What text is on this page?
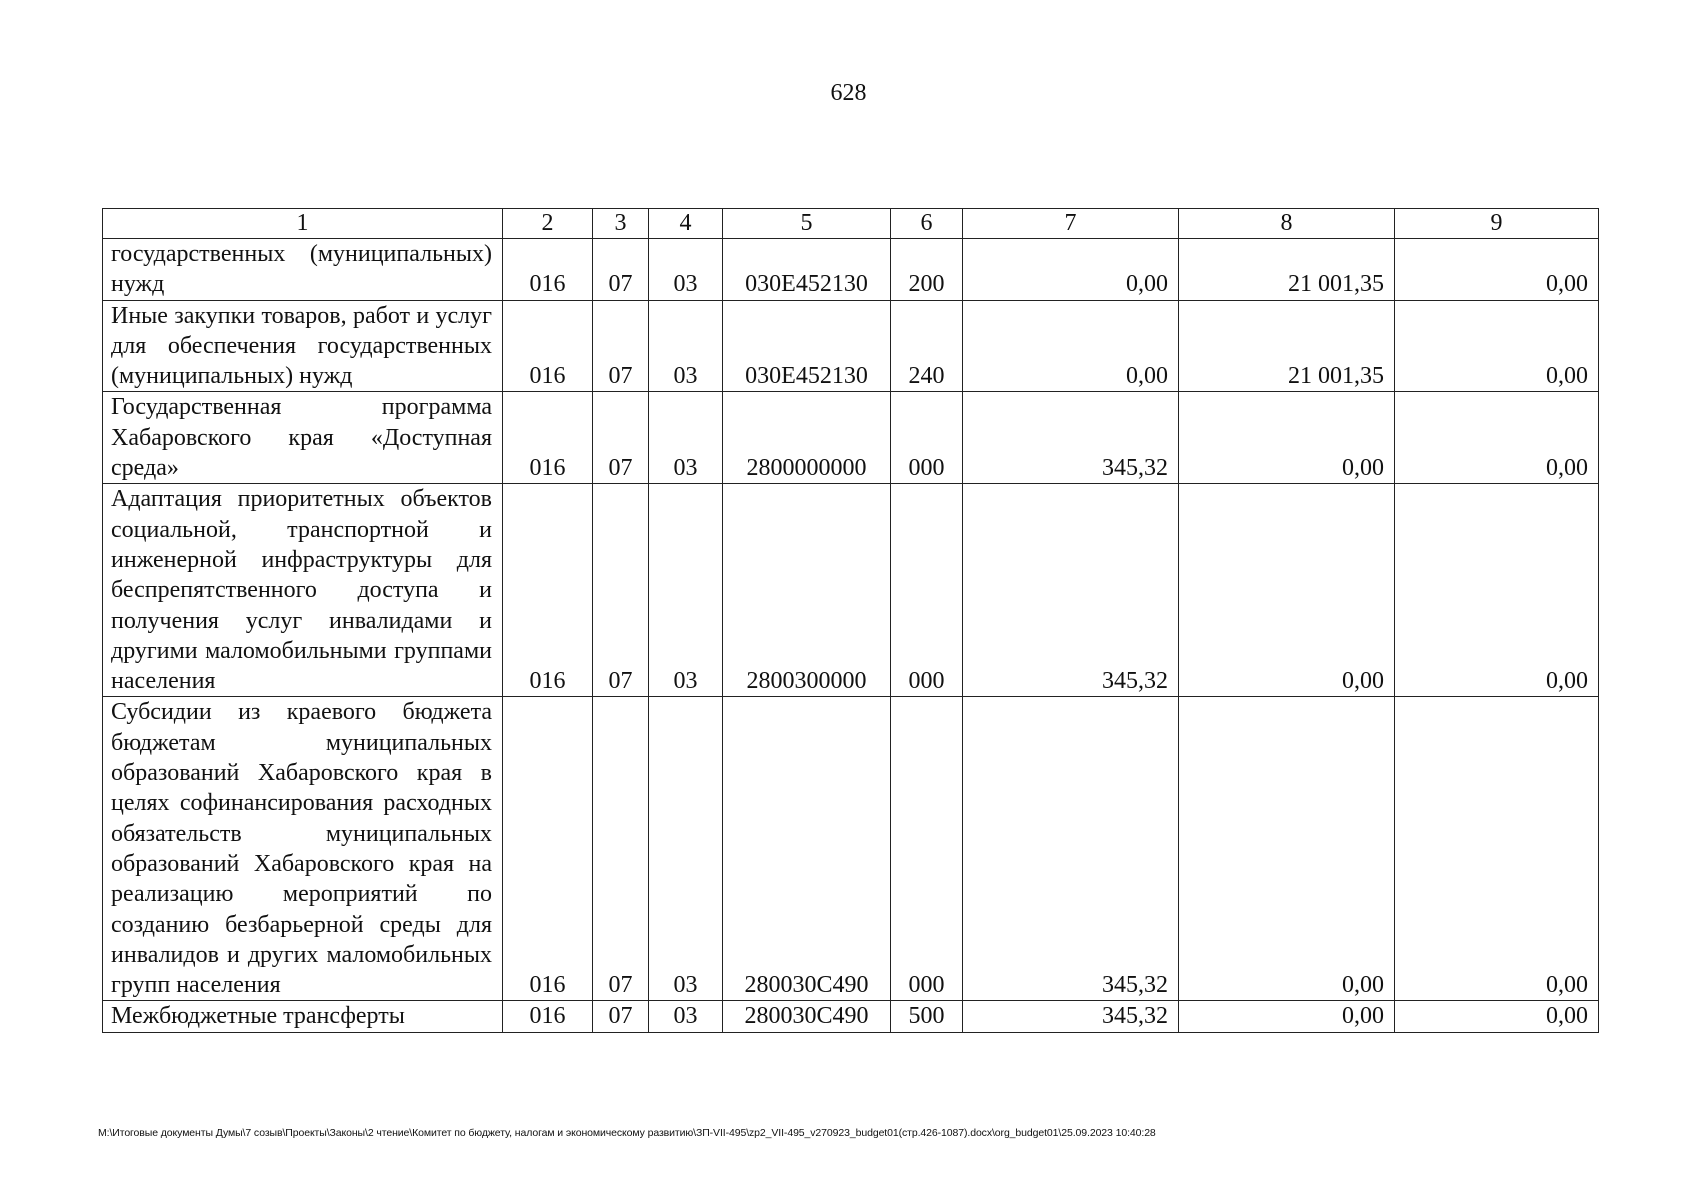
628
1	2	3	4	5	6	7	8	9
государственных (муниципальных) нужд	016	07	03	030E452130	200	0,00	21 001,35	0,00
Иные закупки товаров, работ и услуг для обеспечения государственных (муниципальных) нужд	016	07	03	030E452130	240	0,00	21 001,35	0,00
Государственная программа Хабаровского края «Доступная среда»	016	07	03	2800000000	000	345,32	0,00	0,00
Адаптация приоритетных объектов социальной, транспортной и инженерной инфраструктуры для беспрепятственного доступа и получения услуг инвалидами и другими маломобильными группами населения	016	07	03	2800300000	000	345,32	0,00	0,00
Субсидии из краевого бюджета бюджетам муниципальных образований Хабаровского края в целях софинансирования расходных обязательств муниципальных образований Хабаровского края на реализацию мероприятий по созданию безбарьерной среды для инвалидов и других маломобильных групп населения	016	07	03	280030C490	000	345,32	0,00	0,00
Межбюджетные трансферты	016	07	03	280030C490	500	345,32	0,00	0,00
M:\Итоговые документы Думы\7 созыв\Проекты\Законы\2 чтение\Комитет по бюджету, налогам и экономическому развитию\ЗП-VII-495\zp2_VII-495_v270923_budget01(стр.426-1087).docx\org_budget01\25.09.2023 10:40:28
